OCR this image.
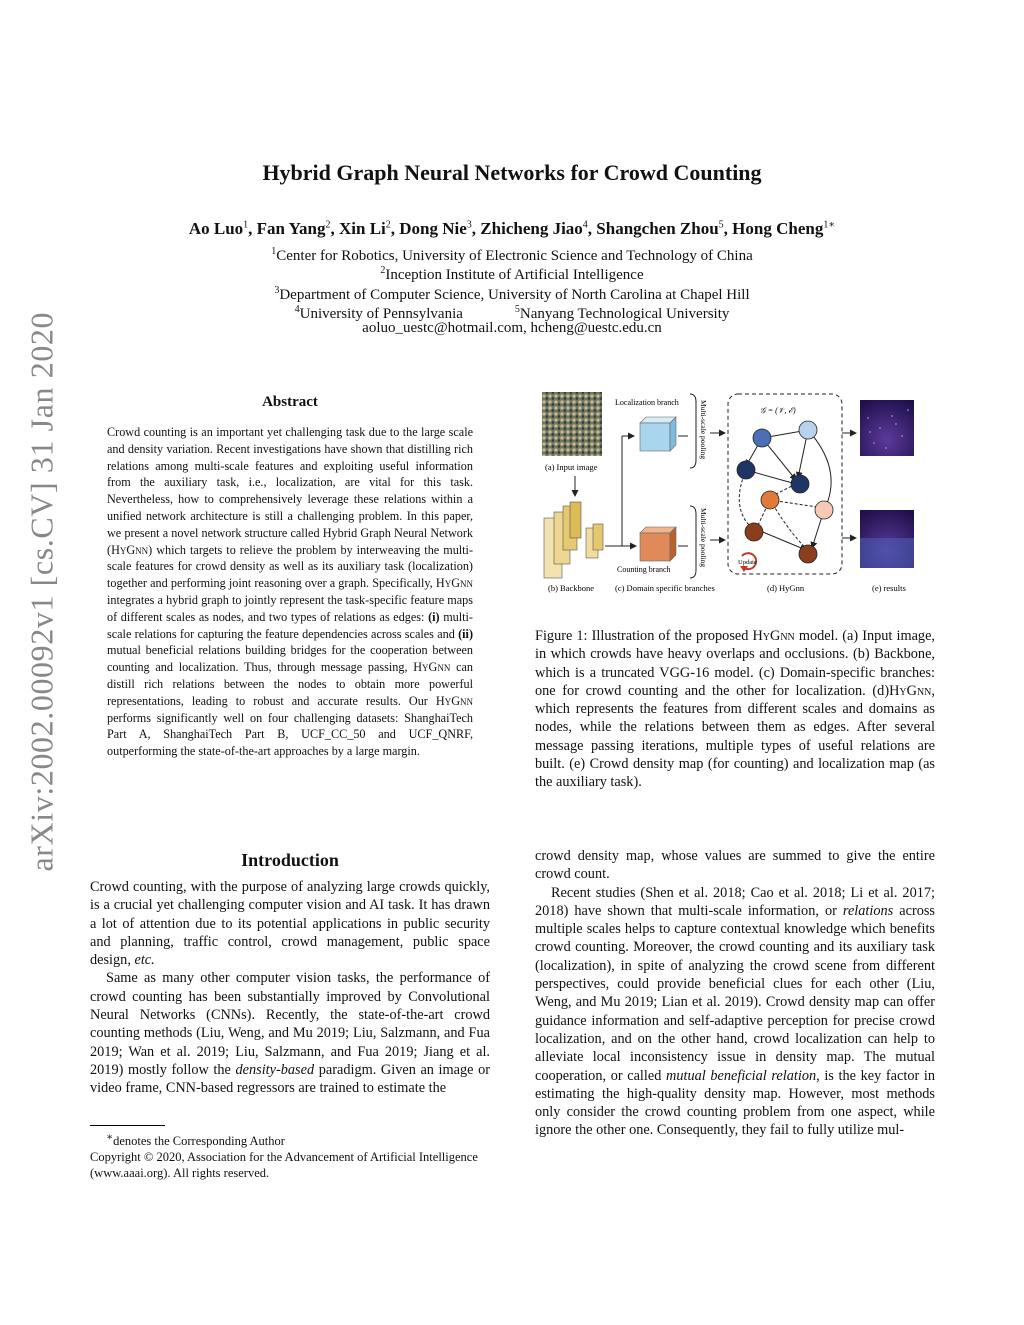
arXiv:2002.00092v1 [cs.CV] 31 Jan 2020
Hybrid Graph Neural Networks for Crowd Counting
Ao Luo$^1$, Fan Yang$^2$, Xin Li$^2$, Dong Nie$^3$, Zhicheng Jiao$^4$, Shangchen Zhou$^5$, Hong Cheng$^{1∗}$
$^1$Center for Robotics, University of Electronic Science and Technology of China
$^2$Inception Institute of Artificial Intelligence
$^3$Department of Computer Science, University of North Carolina at Chapel Hill
$^4$University of Pennsylvania	$^5$Nanyang Technological University
aoluo_uestc@hotmail.com, hcheng@uestc.edu.cn
Abstract
Crowd counting is an important yet challenging task due to the large scale and density variation. Recent investigations have shown that distilling rich relations among multi-scale features and exploiting useful information from the auxiliary task, i.e., localization, are vital for this task. Nevertheless, how to comprehensively leverage these relations within a unified network architecture is still a challenging problem. In this paper, we present a novel network structure called Hybrid Graph Neural Network (HyGnn) which targets to relieve the problem by interweaving the multi-scale features for crowd density as well as its auxiliary task (localization) together and performing joint reasoning over a graph. Specifically, HyGnn integrates a hybrid graph to jointly represent the task-specific feature maps of different scales as nodes, and two types of relations as edges: (i) multi-scale relations for capturing the feature dependencies across scales and (ii) mutual beneficial relations building bridges for the cooperation between counting and localization. Thus, through message passing, HyGnn can distill rich relations between the nodes to obtain more powerful representations, leading to robust and accurate results. Our HyGnn performs significantly well on four challenging datasets: ShanghaiTech Part A, ShanghaiTech Part B, UCF_CC_50 and UCF_QNRF, outperforming the state-of-the-art approaches by a large margin.
Introduction

Crowd counting, with the purpose of analyzing large crowds quickly, is a crucial yet challenging computer vision and AI task. It has drawn a lot of attention due to its potential applications in public security and planning, traffic control, crowd management, public space design, etc.

Same as many other computer vision tasks, the performance of crowd counting has been substantially improved by Convolutional Neural Networks (CNNs). Recently, the state-of-the-art crowd counting methods (Liu, Weng, and Mu 2019; Liu, Salzmann, and Fua 2019; Wan et al. 2019; Liu, Salzmann, and Fua 2019; Jiang et al. 2019) mostly follow the density-based paradigm. Given an image or video frame, CNN-based regressors are trained to estimate the

∗denotes the Corresponding Author
Copyright © 2020, Association for the Advancement of Artificial Intelligence (www.aaai.org). All rights reserved.
(a) Input image
(b) Backbone
Localization branch
Counting branch
(c) Domain specific branches
Multi-scale pooling
Multi-scale pooling
𝒢 = (𝒱, ℰ)
Update
(d) HyGnn	(e) results
Figure 1: Illustration of the proposed HyGnn model. (a) Input image, in which crowds have heavy overlaps and occlusions. (b) Backbone, which is a truncated VGG-16 model. (c) Domain-specific branches: one for crowd counting and the other for localization. (d)HyGnn, which represents the features from different scales and domains as nodes, while the relations between them as edges. After several message passing iterations, multiple types of useful relations are built. (e) Crowd density map (for counting) and localization map (as the auxiliary task).

crowd density map, whose values are summed to give the entire crowd count.

Recent studies (Shen et al. 2018; Cao et al. 2018; Li et al. 2017; 2018) have shown that multi-scale information, or relations across multiple scales helps to capture contextual knowledge which benefits crowd counting. Moreover, the crowd counting and its auxiliary task (localization), in spite of analyzing the crowd scene from different perspectives, could provide beneficial clues for each other (Liu, Weng, and Mu 2019; Lian et al. 2019). Crowd density map can offer guidance information and self-adaptive perception for precise crowd localization, and on the other hand, crowd localization can help to alleviate local inconsistency issue in density map. The mutual cooperation, or called mutual beneficial relation, is the key factor in estimating the high-quality density map. However, most methods only consider the crowd counting problem from one aspect, while ignore the other one. Consequently, they fail to fully utilize mul-
